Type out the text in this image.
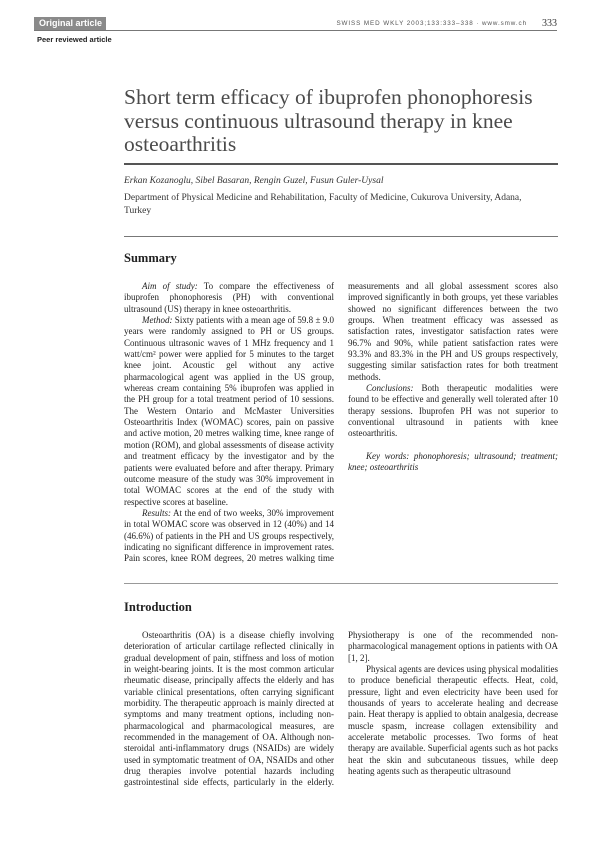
Original article	SWISS MED WKLY 2003;133:333–338 · www.smw.ch 333
Peer reviewed article
Short term efficacy of ibuprofen phonophoresis versus continuous ultrasound therapy in knee osteoarthritis
Erkan Kozanoglu, Sibel Basaran, Rengin Guzel, Fusun Guler-Uysal
Department of Physical Medicine and Rehabilitation, Faculty of Medicine, Cukurova University, Adana, Turkey
Summary

Aim of study: To compare the effectiveness of ibuprofen phonophoresis (PH) with conventional ultrasound (US) therapy in knee osteoarthritis.

Method: Sixty patients with a mean age of 59.8 ± 9.0 years were randomly assigned to PH or US groups. Continuous ultrasonic waves of 1 MHz frequency and 1 watt/cm² power were applied for 5 minutes to the target knee joint. Acoustic gel without any active pharmacological agent was applied in the US group, whereas cream containing 5% ibuprofen was applied in the PH group for a total treatment period of 10 sessions. The Western Ontario and McMaster Universities Osteoarthritis Index (WOMAC) scores, pain on passive and active motion, 20 metres walking time, knee range of motion (ROM), and global assessments of disease activity and treatment efficacy by the investigator and by the patients were evaluated before and after therapy. Primary outcome measure of the study was 30% improvement in total WOMAC scores at the end of the study with respective scores at baseline.

Results: At the end of two weeks, 30% improvement in total WOMAC score was observed in 12 (40%) and 14 (46.6%) of patients in the PH and US groups respectively, indicating no significant difference in improvement rates. Pain scores, knee ROM degrees, 20 metres walking time measurements and all global assessment scores also improved significantly in both groups, yet these variables showed no significant differences between the two groups. When treatment efficacy was assessed as satisfaction rates, investigator satisfaction rates were 96.7% and 90%, while patient satisfaction rates were 93.3% and 83.3% in the PH and US groups respectively, suggesting similar satisfaction rates for both treatment methods.

Conclusions: Both therapeutic modalities were found to be effective and generally well tolerated after 10 therapy sessions. Ibuprofen PH was not superior to conventional ultrasound in patients with knee osteoarthritis.

Key words: phonophoresis; ultrasound; treatment; knee; osteoarthritis

Introduction

Osteoarthritis (OA) is a disease chiefly involving deterioration of articular cartilage reflected clinically in gradual development of pain, stiffness and loss of motion in weight-bearing joints. It is the most common articular rheumatic disease, principally affects the elderly and has variable clinical presentations, often carrying significant morbidity. The therapeutic approach is mainly directed at symptoms and many treatment options, including non-pharmacological and pharmacological measures, are recommended in the management of OA. Although non-steroidal anti-inflammatory drugs (NSAIDs) are widely used in symptomatic treatment of OA, NSAIDs and other drug therapies involve potential hazards including gastrointestinal side effects, particularly in the elderly. Physiotherapy is one of the recommended non-pharmacological management options in patients with OA [1, 2].

Physical agents are devices using physical modalities to produce beneficial therapeutic effects. Heat, cold, pressure, light and even electricity have been used for thousands of years to accelerate healing and decrease pain. Heat therapy is applied to obtain analgesia, decrease muscle spasm, increase collagen extensibility and accelerate metabolic processes. Two forms of heat therapy are available. Superficial agents such as hot packs heat the skin and subcutaneous tissues, while deep heating agents such as therapeutic ultrasound
